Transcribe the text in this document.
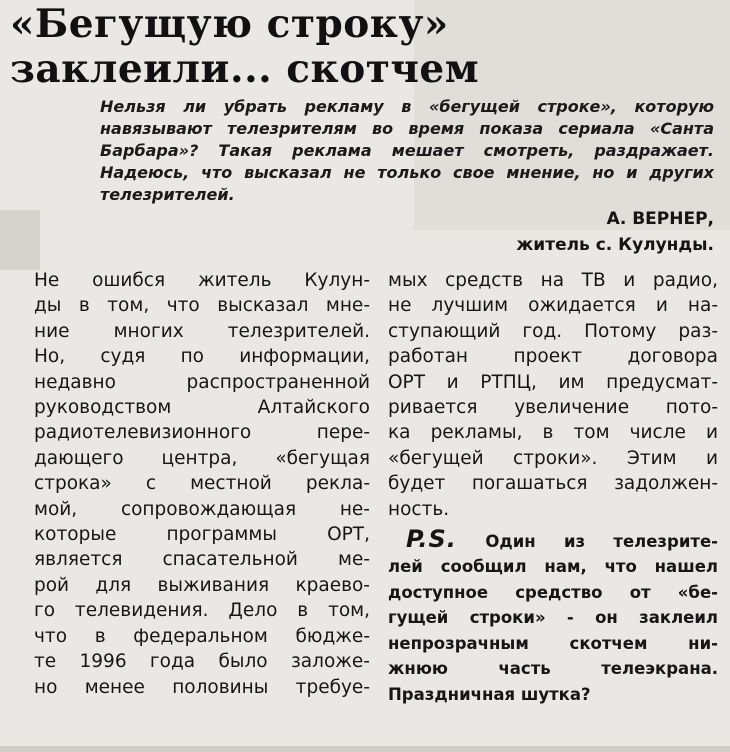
«Бегущую строку»
заклеили... скотчем

Нельзя ли убрать рекламу в «бегущей строке», которую навязывают телезрителям во время показа сериала «Санта Барбара»? Такая реклама мешает смотреть, раздражает. Надеюсь, что высказал не только свое мнение, но и других телезрителей.

А. ВЕРНЕР,
житель с. Кулунды.
Не ошибся житель Кулун-
ды в том, что высказал мне-
ние многих телезрителей.
Но, судя по информации,
недавно распространенной
руководством Алтайского
радиотелевизионного пере-
дающего центра, «бегущая
строка» с местной рекла-
мой, сопровождающая не-
которые программы ОРТ,
является спасательной ме-
рой для выживания краево-
го телевидения. Дело в том,
что в федеральном бюдже-
те 1996 года было заложе-
но менее половины требуе-
мых средств на ТВ и радио,
не лучшим ожидается и на-
ступающий год. Потому раз-
работан проект договора
ОРТ и РТПЦ, им предусмат-
ривается увеличение пото-
ка рекламы, в том числе и
«бегущей строки». Этим и
будет погашаться задолжен-
ность.
P.S. Один из телезрите-
лей сообщил нам, что нашел
доступное средство от «бе-
гущей строки» - он заклеил
непрозрачным скотчем ни-
жнюю часть телеэкрана.
Праздничная шутка?
